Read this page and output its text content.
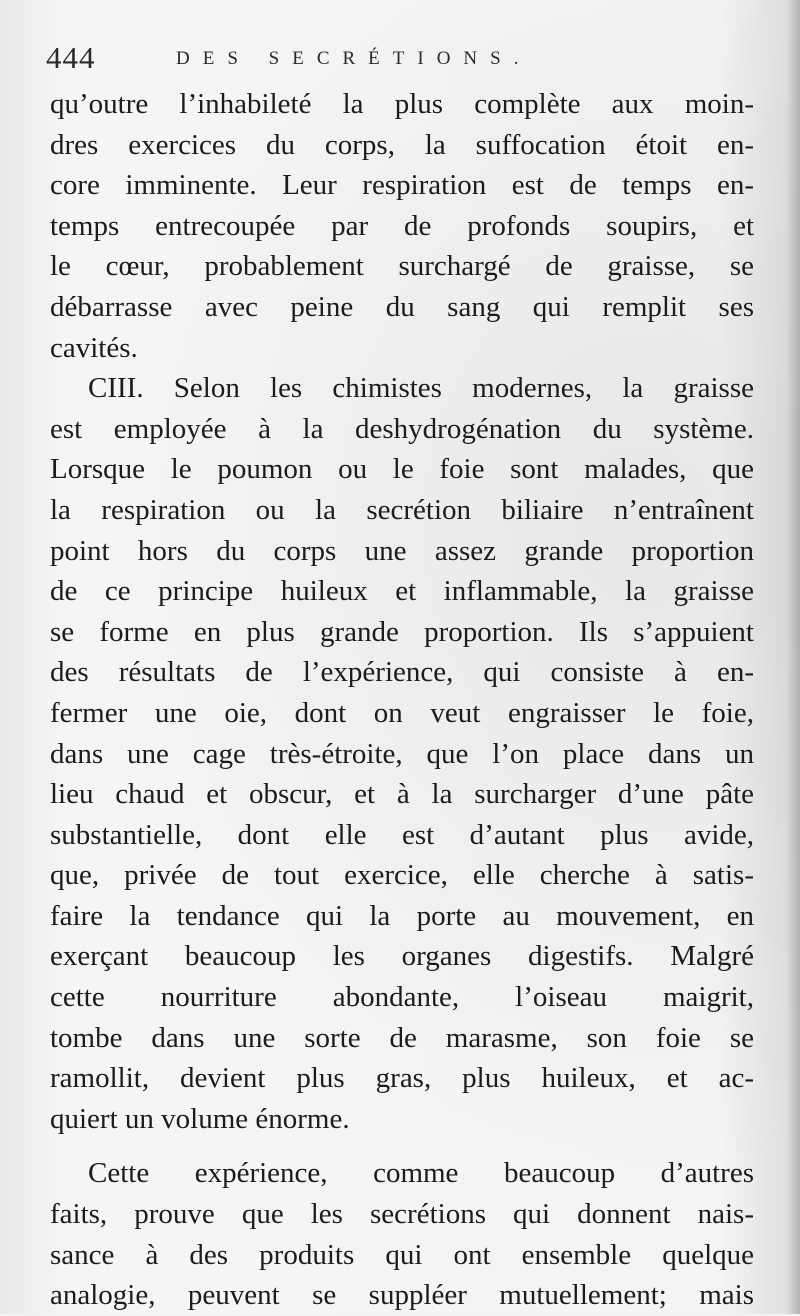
444	DES SECRÉTIONS.
qu’outre l’inhabileté la plus complète aux moin-
dres exercices du corps, la suffocation étoit en-
core imminente. Leur respiration est de temps en-
temps entrecoupée par de profonds soupirs, et
le cœur, probablement surchargé de graisse, se
débarrasse avec peine du sang qui remplit ses
cavités.
CIII. Selon les chimistes modernes, la graisse
est employée à la deshydrogénation du système.
Lorsque le poumon ou le foie sont malades, que
la respiration ou la secrétion biliaire n’entraînent
point hors du corps une assez grande proportion
de ce principe huileux et inflammable, la graisse
se forme en plus grande proportion. Ils s’appuient
des résultats de l’expérience, qui consiste à en-
fermer une oie, dont on veut engraisser le foie,
dans une cage très-étroite, que l’on place dans un
lieu chaud et obscur, et à la surcharger d’une pâte
substantielle, dont elle est d’autant plus avide,
que, privée de tout exercice, elle cherche à satis-
faire la tendance qui la porte au mouvement, en
exerçant beaucoup les organes digestifs. Malgré
cette nourriture abondante, l’oiseau maigrit,
tombe dans une sorte de marasme, son foie se
ramollit, devient plus gras, plus huileux, et ac-
quiert un volume énorme.
Cette expérience, comme beaucoup d’autres
faits, prouve que les secrétions qui donnent nais-
sance à des produits qui ont ensemble quelque
analogie, peuvent se suppléer mutuellement; mais
